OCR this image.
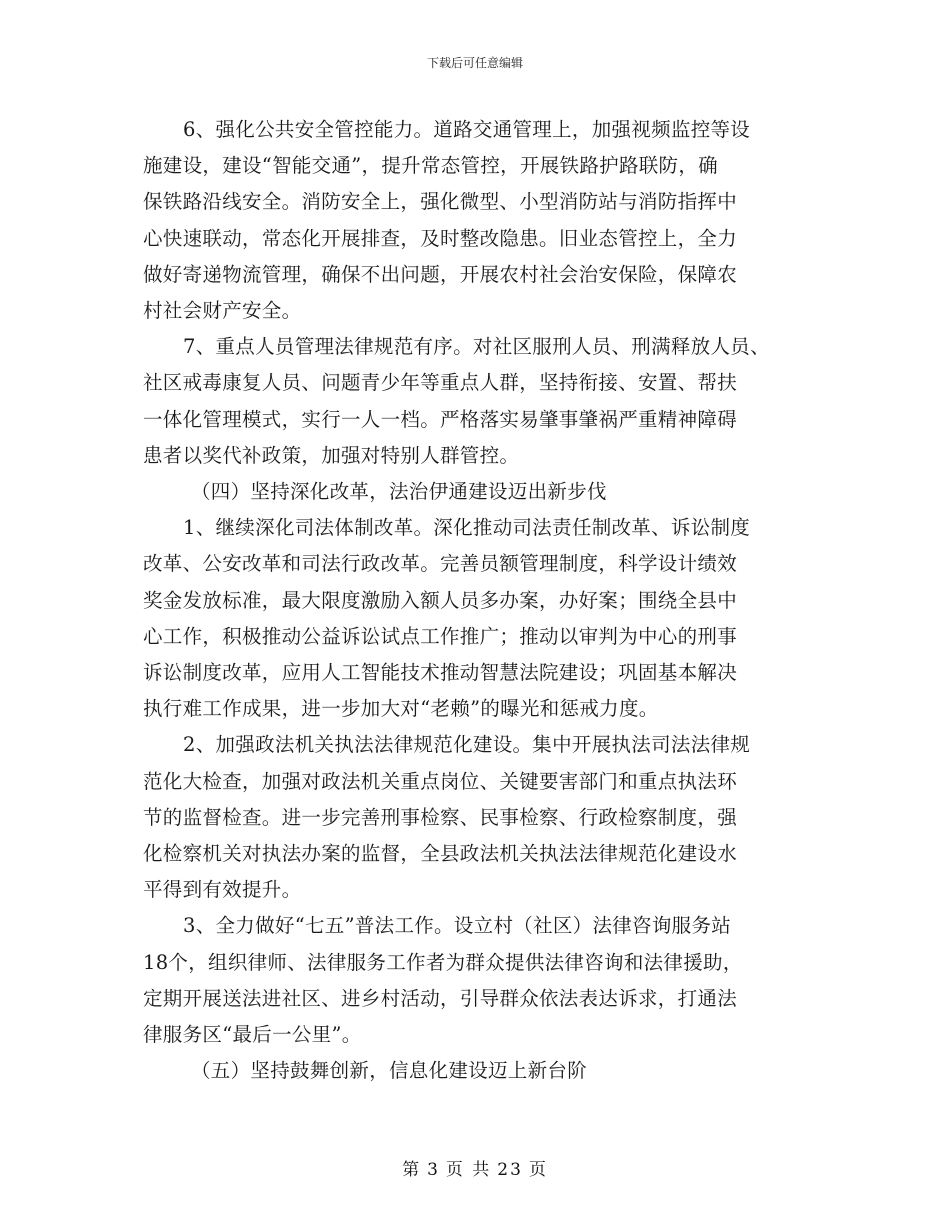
下载后可任意编辑

6、强化公共安全管控能力。道路交通管理上，加强视频监控等设
施建设，建设“智能交通”，提升常态管控，开展铁路护路联防，确
保铁路沿线安全。消防安全上，强化微型、小型消防站与消防指挥中
心快速联动，常态化开展排查，及时整改隐患。旧业态管控上，全力
做好寄递物流管理，确保不出问题，开展农村社会治安保险，保障农
村社会财产安全。

7、重点人员管理法律规范有序。对社区服刑人员、刑满释放人员、
社区戒毒康复人员、问题青少年等重点人群，坚持衔接、安置、帮扶
一体化管理模式，实行一人一档。严格落实易肇事肇祸严重精神障碍
患者以奖代补政策，加强对特别人群管控。

（四）坚持深化改革，法治伊通建设迈出新步伐

1、继续深化司法体制改革。深化推动司法责任制改革、诉讼制度
改革、公安改革和司法行政改革。完善员额管理制度，科学设计绩效
奖金发放标准，最大限度激励入额人员多办案，办好案；围绕全县中
心工作，积极推动公益诉讼试点工作推广；推动以审判为中心的刑事
诉讼制度改革，应用人工智能技术推动智慧法院建设；巩固基本解决
执行难工作成果，进一步加大对“老赖”的曝光和惩戒力度。

2、加强政法机关执法法律规范化建设。集中开展执法司法法律规
范化大检查，加强对政法机关重点岗位、关键要害部门和重点执法环
节的监督检查。进一步完善刑事检察、民事检察、行政检察制度，强
化检察机关对执法办案的监督，全县政法机关执法法律规范化建设水
平得到有效提升。

3、全力做好“七五”普法工作。设立村（社区）法律咨询服务站
18个，组织律师、法律服务工作者为群众提供法律咨询和法律援助，
定期开展送法进社区、进乡村活动，引导群众依法表达诉求，打通法
律服务区“最后一公里”。

（五）坚持鼓舞创新，信息化建设迈上新台阶

第 3 页 共 23 页
